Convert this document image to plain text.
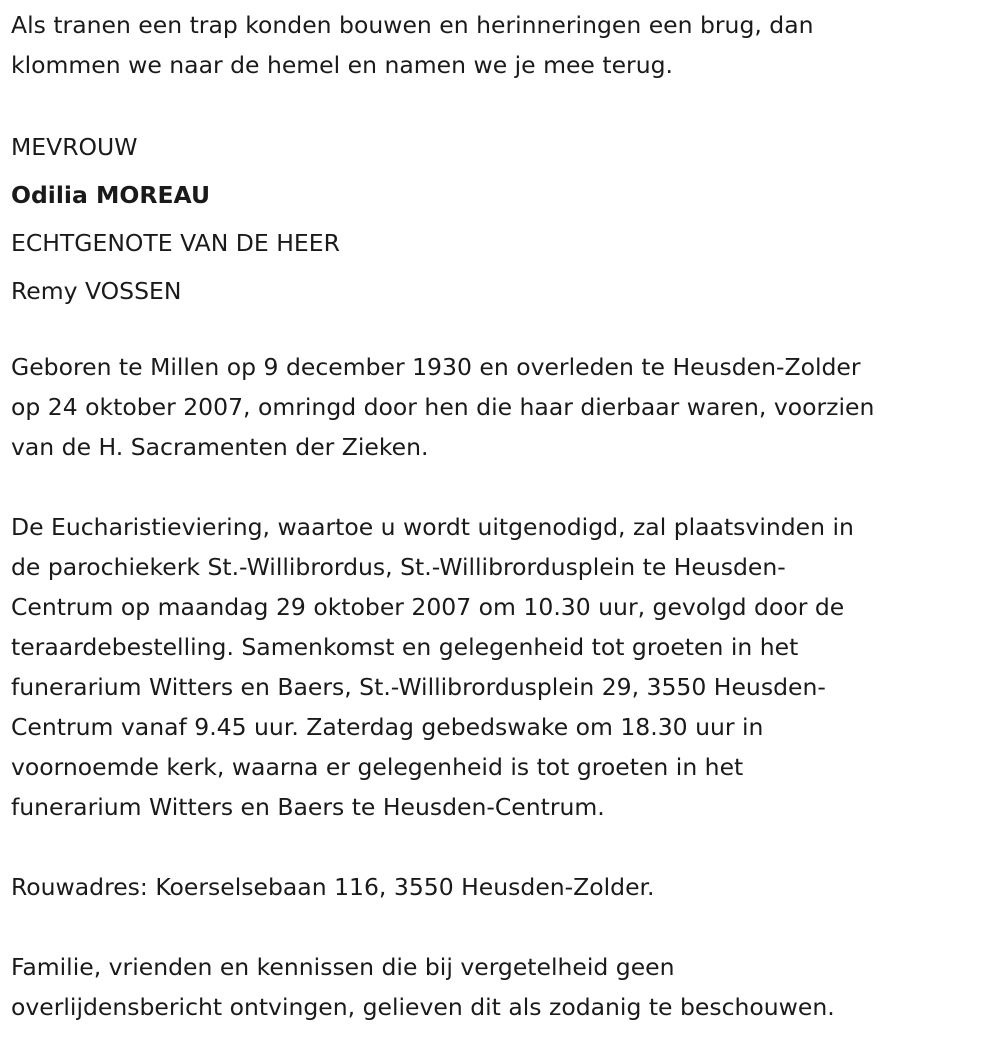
Als tranen een trap konden bouwen en herinneringen een brug, dan

klommen we naar de hemel en namen we je mee terug.

MEVROUW

Odilia MOREAU

ECHTGENOTE VAN DE HEER

Remy VOSSEN

Geboren te Millen op 9 december 1930 en overleden te Heusden-Zolder

op 24 oktober 2007, omringd door hen die haar dierbaar waren, voorzien

van de H. Sacramenten der Zieken.

De Eucharistieviering, waartoe u wordt uitgenodigd, zal plaatsvinden in

de parochiekerk St.-Willibrordus, St.-Willibrordusplein te Heusden-

Centrum op maandag 29 oktober 2007 om 10.30 uur, gevolgd door de

teraardebestelling. Samenkomst en gelegenheid tot groeten in het

funerarium Witters en Baers, St.-Willibrordusplein 29, 3550 Heusden-

Centrum vanaf 9.45 uur. Zaterdag gebedswake om 18.30 uur in

voornoemde kerk, waarna er gelegenheid is tot groeten in het

funerarium Witters en Baers te Heusden-Centrum.

Rouwadres: Koerselsebaan 116, 3550 Heusden-Zolder.

Familie, vrienden en kennissen die bij vergetelheid geen

overlijdensbericht ontvingen, gelieven dit als zodanig te beschouwen.
